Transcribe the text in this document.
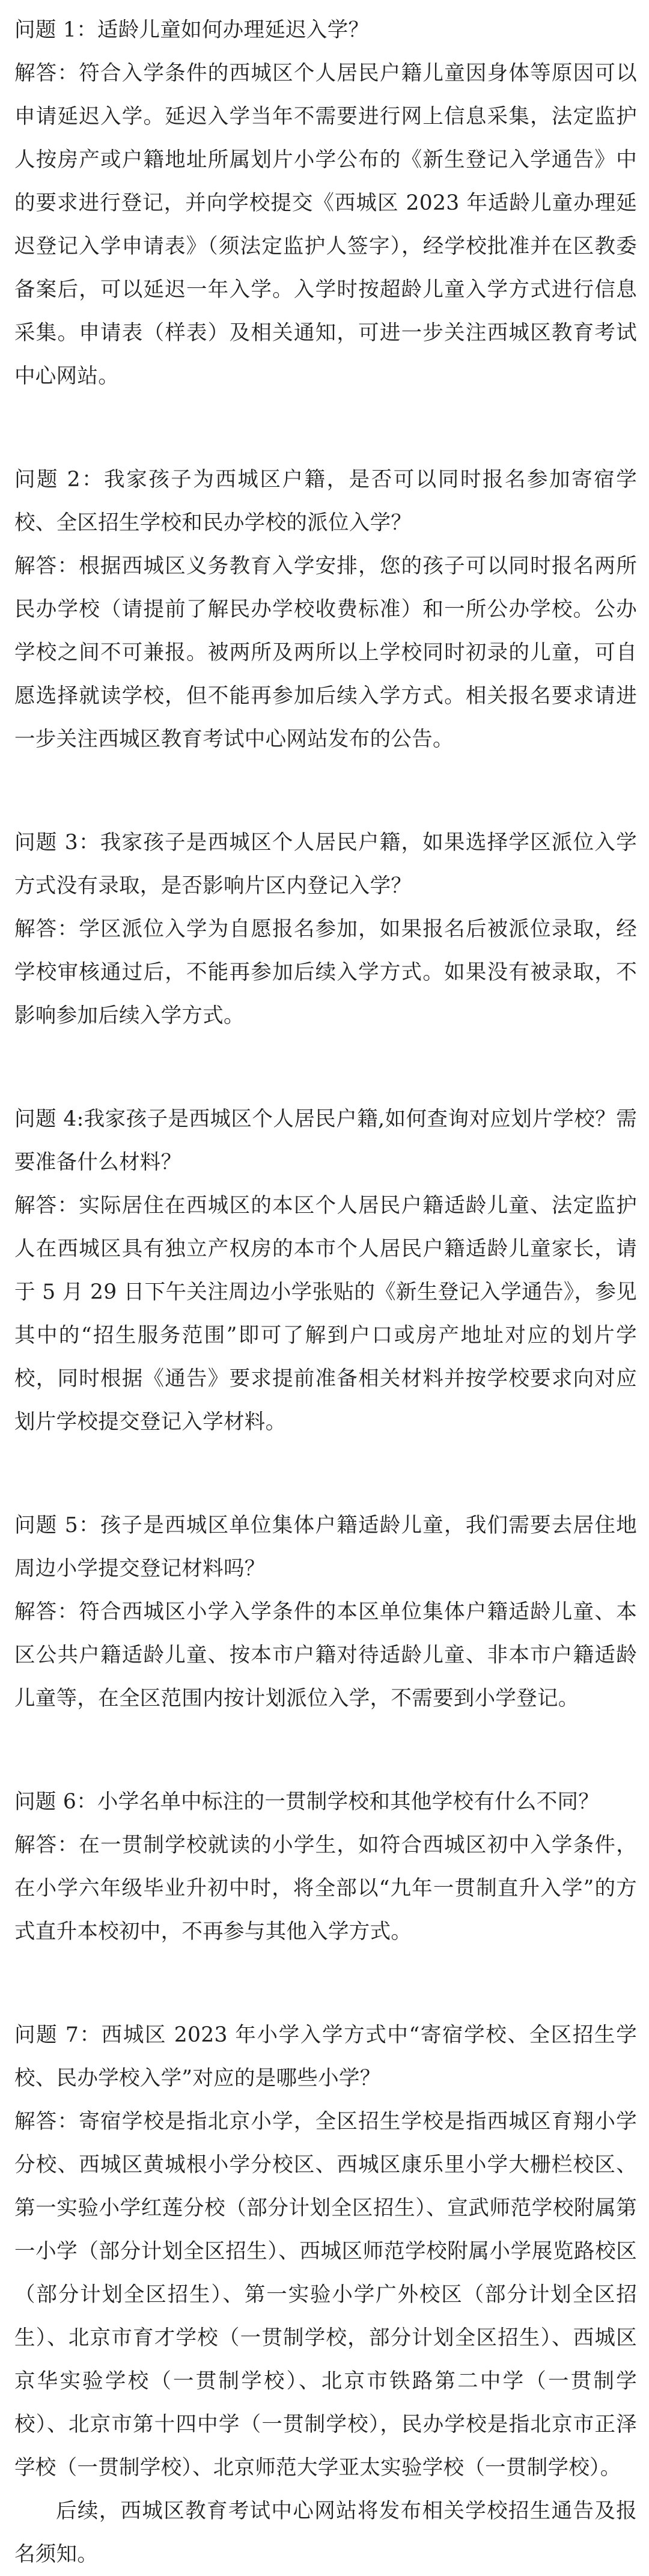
问题 1：适龄儿童如何办理延迟入学？

解答：符合入学条件的西城区个人居民户籍儿童因身体等原因可以申请延迟入学。延迟入学当年不需要进行网上信息采集，法定监护人按房产或户籍地址所属划片小学公布的《新生登记入学通告》中的要求进行登记，并向学校提交《西城区 2023 年适龄儿童办理延迟登记入学申请表》（须法定监护人签字），经学校批准并在区教委备案后，可以延迟一年入学。入学时按超龄儿童入学方式进行信息采集。申请表（样表）及相关通知，可进一步关注西城区教育考试中心网站。

问题 2：我家孩子为西城区户籍，是否可以同时报名参加寄宿学校、全区招生学校和民办学校的派位入学？

解答：根据西城区义务教育入学安排，您的孩子可以同时报名两所民办学校（请提前了解民办学校收费标准）和一所公办学校。公办学校之间不可兼报。被两所及两所以上学校同时初录的儿童，可自愿选择就读学校，但不能再参加后续入学方式。相关报名要求请进一步关注西城区教育考试中心网站发布的公告。

问题 3：我家孩子是西城区个人居民户籍，如果选择学区派位入学方式没有录取，是否影响片区内登记入学？

解答：学区派位入学为自愿报名参加，如果报名后被派位录取，经学校审核通过后，不能再参加后续入学方式。如果没有被录取，不影响参加后续入学方式。

问题 4:我家孩子是西城区个人居民户籍,如何查询对应划片学校？需要准备什么材料？

解答：实际居住在西城区的本区个人居民户籍适龄儿童、法定监护人在西城区具有独立产权房的本市个人居民户籍适龄儿童家长，请于 5 月 29 日下午关注周边小学张贴的《新生登记入学通告》，参见其中的“招生服务范围”即可了解到户口或房产地址对应的划片学校，同时根据《通告》要求提前准备相关材料并按学校要求向对应划片学校提交登记入学材料。

问题 5：孩子是西城区单位集体户籍适龄儿童，我们需要去居住地周边小学提交登记材料吗？

解答：符合西城区小学入学条件的本区单位集体户籍适龄儿童、本区公共户籍适龄儿童、按本市户籍对待适龄儿童、非本市户籍适龄儿童等，在全区范围内按计划派位入学，不需要到小学登记。

问题 6：小学名单中标注的一贯制学校和其他学校有什么不同？

解答：在一贯制学校就读的小学生，如符合西城区初中入学条件，在小学六年级毕业升初中时，将全部以“九年一贯制直升入学”的方式直升本校初中，不再参与其他入学方式。

问题 7：西城区 2023 年小学入学方式中“寄宿学校、全区招生学校、民办学校入学”对应的是哪些小学？

解答：寄宿学校是指北京小学，全区招生学校是指西城区育翔小学分校、西城区黄城根小学分校区、西城区康乐里小学大栅栏校区、第一实验小学红莲分校（部分计划全区招生）、宣武师范学校附属第一小学（部分计划全区招生）、西城区师范学校附属小学展览路校区（部分计划全区招生）、第一实验小学广外校区（部分计划全区招生）、北京市育才学校（一贯制学校，部分计划全区招生）、西城区京华实验学校（一贯制学校）、北京市铁路第二中学（一贯制学校）、北京市第十四中学（一贯制学校），民办学校是指北京市正泽学校（一贯制学校）、北京师范大学亚太实验学校（一贯制学校）。

后续，西城区教育考试中心网站将发布相关学校招生通告及报名须知。
